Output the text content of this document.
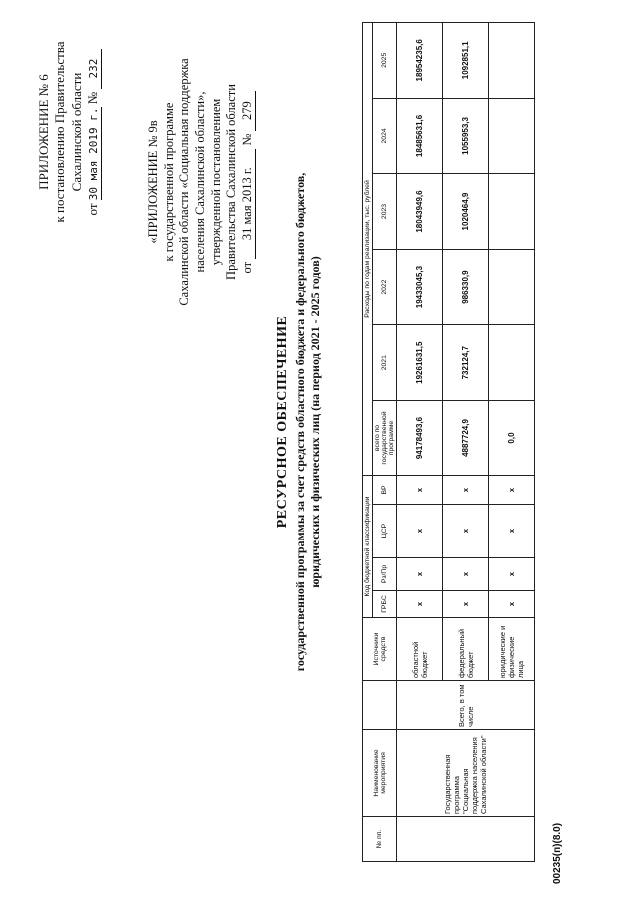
ПРИЛОЖЕНИЕ № 6 к постановлению Правительства Сахалинской области
от 30 мая 2019 г. № 232
«ПРИЛОЖЕНИЕ № 9в к государственной программе Сахалинской области «Социальная поддержка населения Сахалинской области», утвержденной постановлением Правительства Сахалинской области от 31 мая 2013 г. № 279
РЕСУРСНОЕ ОБЕСПЕЧЕНИЕ государственной программы за счет средств областного бюджета и федерального бюджетов, юридических и физических лиц (на период 2021 - 2025 годов)
№ пп.	Наименование мероприятия		Источники средств	Код бюджетной классификации				Расходы по годам реализации, тыс. рублей					
				ГРБС	Рз/Пр	ЦСР	ВР	всего по государственной программе	2021	2022	2023	2024	2025
	Государственная программа "Социальная поддержка населения Сахалинской области"	Всего, в том числе	областной бюджет	х	х	х	х	94178493,6	19261631,5	19433045,3	18043949,6	18485631,6	18954235,6
			федеральный бюджет	х	х	х	х	4887724,9	732124,7	986330,9	1020464,9	1055953,3	1092851,1
			юридические и физические лица	х	х	х	х	0,0					
00235(п)(8.0)
